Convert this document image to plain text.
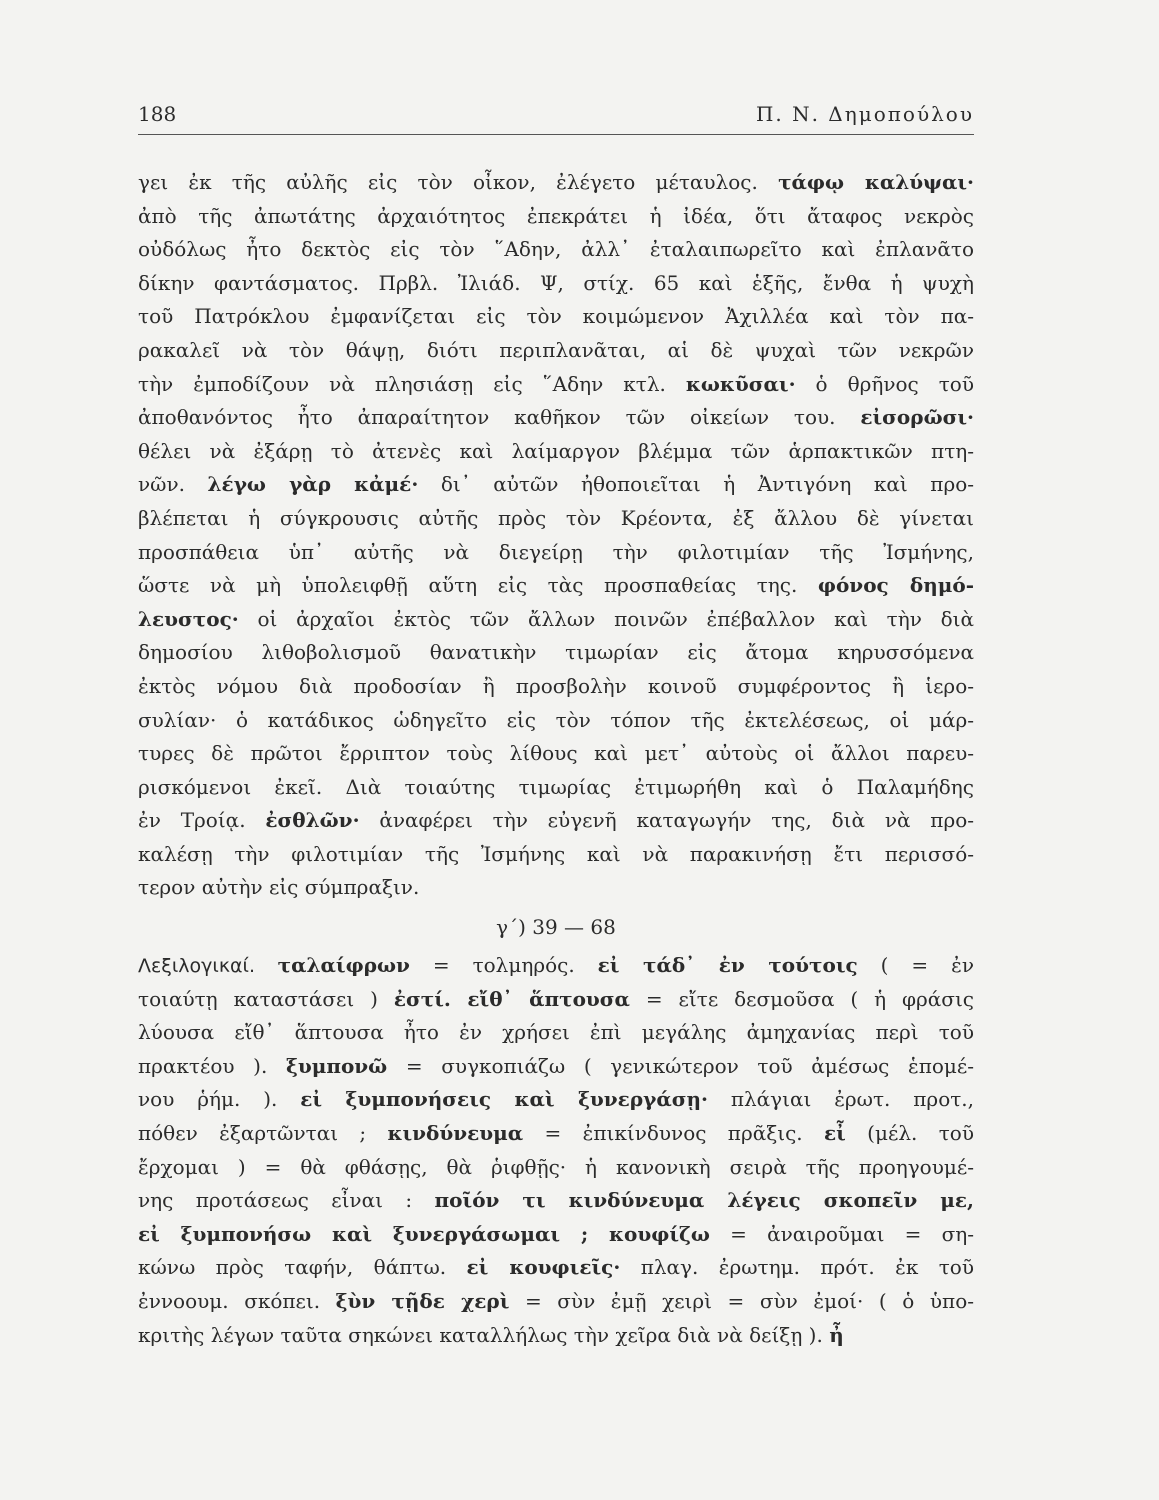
188	Π. Ν. Δημοπούλου
γει ἐκ τῆς αὐλῆς εἰς τὸν οἶκον, ἐλέγετο μέταυλος. τάφῳ καλύψαι·
ἀπὸ τῆς ἀπωτάτης ἀρχαιότητος ἐπεκράτει ἡ ἰδέα, ὅτι ἄταφος νεκρὸς
οὐδόλως ἦτο δεκτὸς εἰς τὸν ῞Αδην, ἀλλ᾽ ἐταλαιπωρεῖτο καὶ ἐπλανᾶτο
δίκην φαντάσματος. Πρβλ. Ἰλιάδ. Ψ, στίχ. 65 καὶ ἑξῆς, ἔνθα ἡ ψυχὴ
τοῦ Πατρόκλου ἐμφανίζεται εἰς τὸν κοιμώμενον Ἀχιλλέα καὶ τὸν πα-
ρακαλεῖ νὰ τὸν θάψῃ, διότι περιπλανᾶται, αἱ δὲ ψυχαὶ τῶν νεκρῶν
τὴν ἐμποδίζουν νὰ πλησιάσῃ εἰς ῞Αδην κτλ. κωκῦσαι· ὁ θρῆνος τοῦ
ἀποθανόντος ἦτο ἀπαραίτητον καθῆκον τῶν οἰκείων του. εἰσορῶσι·
θέλει νὰ ἐξάρῃ τὸ ἀτενὲς καὶ λαίμαργον βλέμμα τῶν ἁρπακτικῶν πτη-
νῶν. λέγω γὰρ κἀμέ· δι᾽ αὐτῶν ἠθοποιεῖται ἡ Ἀντιγόνη καὶ προ-
βλέπεται ἡ σύγκρουσις αὐτῆς πρὸς τὸν Κρέοντα, ἐξ ἄλλου δὲ γίνεται
προσπάθεια ὑπ᾽ αὐτῆς νὰ διεγείρῃ τὴν φιλοτιμίαν τῆς Ἰσμήνης,
ὥστε νὰ μὴ ὑπολειφθῇ αὕτη εἰς τὰς προσπαθείας της. φόνος δημό-
λευστος· οἱ ἀρχαῖοι ἐκτὸς τῶν ἄλλων ποινῶν ἐπέβαλλον καὶ τὴν διὰ
δημοσίου λιθοβολισμοῦ θανατικὴν τιμωρίαν εἰς ἄτομα κηρυσσόμενα
ἐκτὸς νόμου διὰ προδοσίαν ἢ προσβολὴν κοινοῦ συμφέροντος ἢ ἱερο-
συλίαν· ὁ κατάδικος ὡδηγεῖτο εἰς τὸν τόπον τῆς ἐκτελέσεως, οἱ μάρ-
τυρες δὲ πρῶτοι ἔρριπτον τοὺς λίθους καὶ μετ᾽ αὐτοὺς οἱ ἄλλοι παρευ-
ρισκόμενοι ἐκεῖ. Διὰ τοιαύτης τιμωρίας ἐτιμωρήθη καὶ ὁ Παλαμήδης
ἐν Τροίᾳ. ἐσθλῶν· ἀναφέρει τὴν εὐγενῆ καταγωγήν της, διὰ νὰ προ-
καλέσῃ τὴν φιλοτιμίαν τῆς Ἰσμήνης καὶ νὰ παρακινήσῃ ἔτι περισσό-
τερον αὐτὴν εἰς σύμπραξιν.
γ΄) 39 — 68
Λεξιλογικαί. ταλαίφρων = τολμηρός. εἰ τάδ᾽ ἐν τούτοις ( = ἐν
τοιαύτῃ καταστάσει ) ἐστί. εἴθ᾽ ἅπτουσα = εἴτε δεσμοῦσα ( ἡ φράσις
λύουσα εἴθ᾽ ἅπτουσα ἦτο ἐν χρήσει ἐπὶ μεγάλης ἀμηχανίας περὶ τοῦ
πρακτέου ). ξυμπονῶ = συγκοπιάζω ( γενικώτερον τοῦ ἀμέσως ἑπομέ-
νου ῥήμ. ). εἰ ξυμπονήσεις καὶ ξυνεργάσῃ· πλάγιαι ἐρωτ. προτ.,
πόθεν ἐξαρτῶνται ; κινδύνευμα = ἐπικίνδυνος πρᾶξις. εἶ (μέλ. τοῦ
ἔρχομαι ) = θὰ φθάσῃς, θὰ ῥιφθῇς· ἡ κανονικὴ σειρὰ τῆς προηγουμέ-
νης προτάσεως εἶναι : ποῖόν τι κινδύνευμα λέγεις σκοπεῖν με,
εἰ ξυμπονήσω καὶ ξυνεργάσωμαι ; κουφίζω = ἀναιροῦμαι = ση-
κώνω πρὸς ταφήν, θάπτω. εἰ κουφιεῖς· πλαγ. ἐρωτημ. πρότ. ἐκ τοῦ
ἐννοουμ. σκόπει. ξὺν τῇδε χερὶ = σὺν ἐμῇ χειρὶ = σὺν ἐμοί· ( ὁ ὑπο-
κριτὴς λέγων ταῦτα σηκώνει καταλλήλως τὴν χεῖρα διὰ νὰ δείξῃ ). ἦ
